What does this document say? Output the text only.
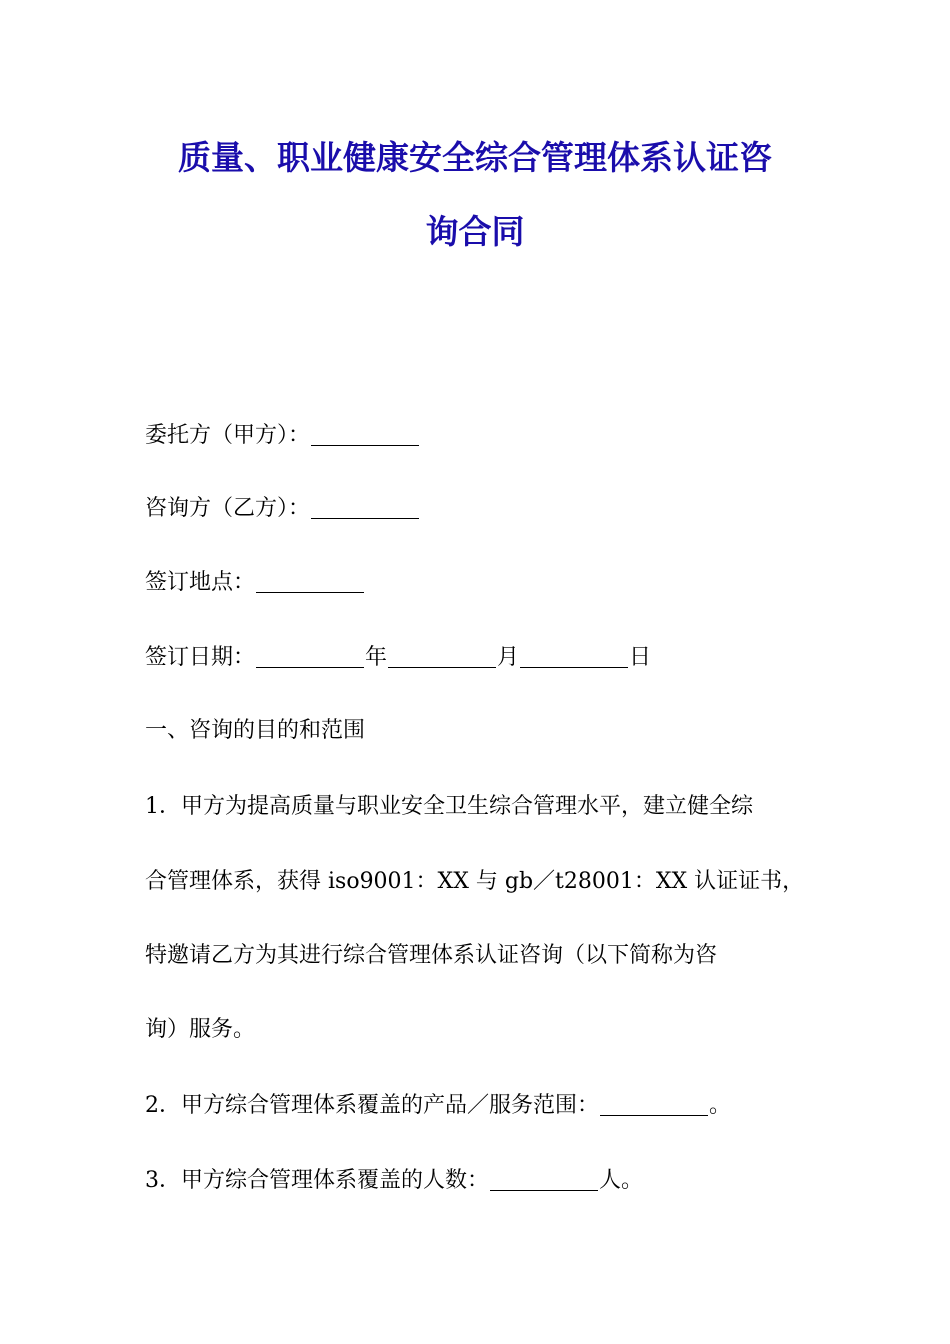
质量、职业健康安全综合管理体系认证咨
询合同

委托方（甲方）：

咨询方（乙方）：

签订地点：

签订日期：	年	月	日

一、咨询的目的和范围

1．甲方为提高质量与职业安全卫生综合管理水平，建立健全综

合管理体系，获得 iso9001：XX 与 gb／t28001：XX 认证证书，

特邀请乙方为其进行综合管理体系认证咨询（以下简称为咨

询）服务。

2．甲方综合管理体系覆盖的产品／服务范围：	。

3．甲方综合管理体系覆盖的人数：	人。
